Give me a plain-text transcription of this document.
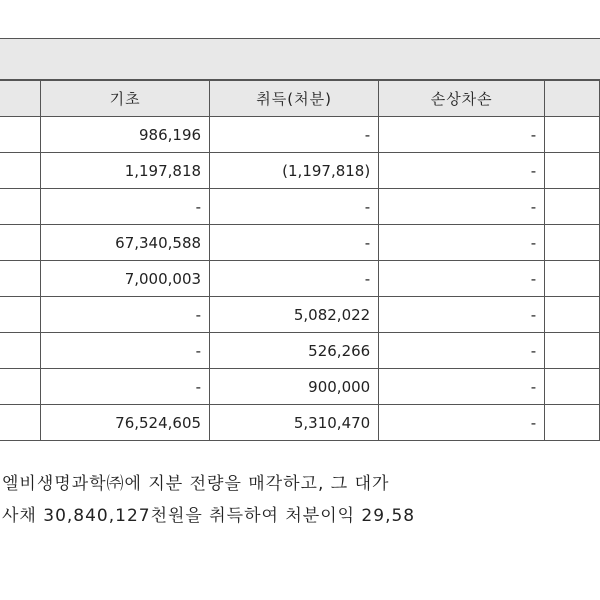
	기초	취득(처분)	손상차손	
	986,196	-	-	
	1,197,818	(1,197,818)	-	
	-	-	-	
	67,340,588	-	-	
	7,000,003	-	-	
	-	5,082,022	-	
	-	526,266	-	
	-	900,000	-	
	76,524,605	5,310,470	-	
엘비생명과학㈜에 지분 전량을 매각하고, 그 대가
사채 30,840,127천원을 취득하여 처분이익 29,58
